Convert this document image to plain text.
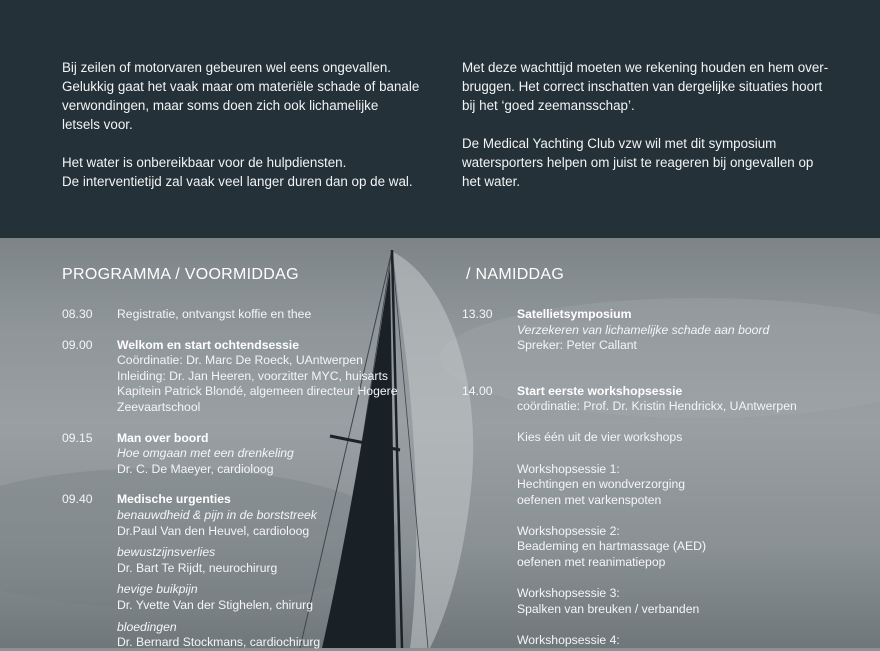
Bij zeilen of motorvaren gebeuren wel eens ongevallen.
Gelukkig gaat het vaak maar om materiële schade of banale
verwondingen, maar soms doen zich ook lichamelijke
letsels voor.

Het water is onbereikbaar voor de hulpdiensten.
De interventietijd zal vaak veel langer duren dan op de wal.

Met deze wachttijd moeten we rekening houden en hem over-
bruggen. Het correct inschatten van dergelijke situaties hoort
bij het ‘goed zeemansschap’.

De Medical Yachting Club vzw wil met dit symposium
watersporters helpen om juist te reageren bij ongevallen op
het water.

PROGRAMMA / VOORMIDDAG	/ NAMIDDAG
08.30	Registratie, ontvangst koffie en thee
09.00	Welkom en start ochtendsessie
Coördinatie: Dr. Marc De Roeck, UAntwerpen
Inleiding: Dr. Jan Heeren, voorzitter MYC, huisarts
Kapitein Patrick Blondé, algemeen directeur Hogere
Zeevaartschool
09.15	Man over boord
Hoe omgaan met een drenkeling
Dr. C. De Maeyer, cardioloog
09.40	Medische urgenties
benauwdheid & pijn in de borststreek
Dr.Paul Van den Heuvel, cardioloog
bewustzijnsverlies
Dr. Bart Te Rijdt, neurochirurg
hevige buikpijn
Dr. Yvette Van der Stighelen, chirurg
bloedingen
Dr. Bernard Stockmans, cardiochirurg
13.30	Satellietsymposium
Verzekeren van lichamelijke schade aan boord
Spreker: Peter Callant
14.00	Start eerste workshopsessie
coördinatie: Prof. Dr. Kristin Hendrickx, UAntwerpen
Kies één uit de vier workshops
Workshopsessie 1:
Hechtingen en wondverzorging
oefenen met varkenspoten
Workshopsessie 2:
Beademing en hartmassage (AED)
oefenen met reanimatiepop
Workshopsessie 3:
Spalken van breuken / verbanden
Workshopsessie 4:
